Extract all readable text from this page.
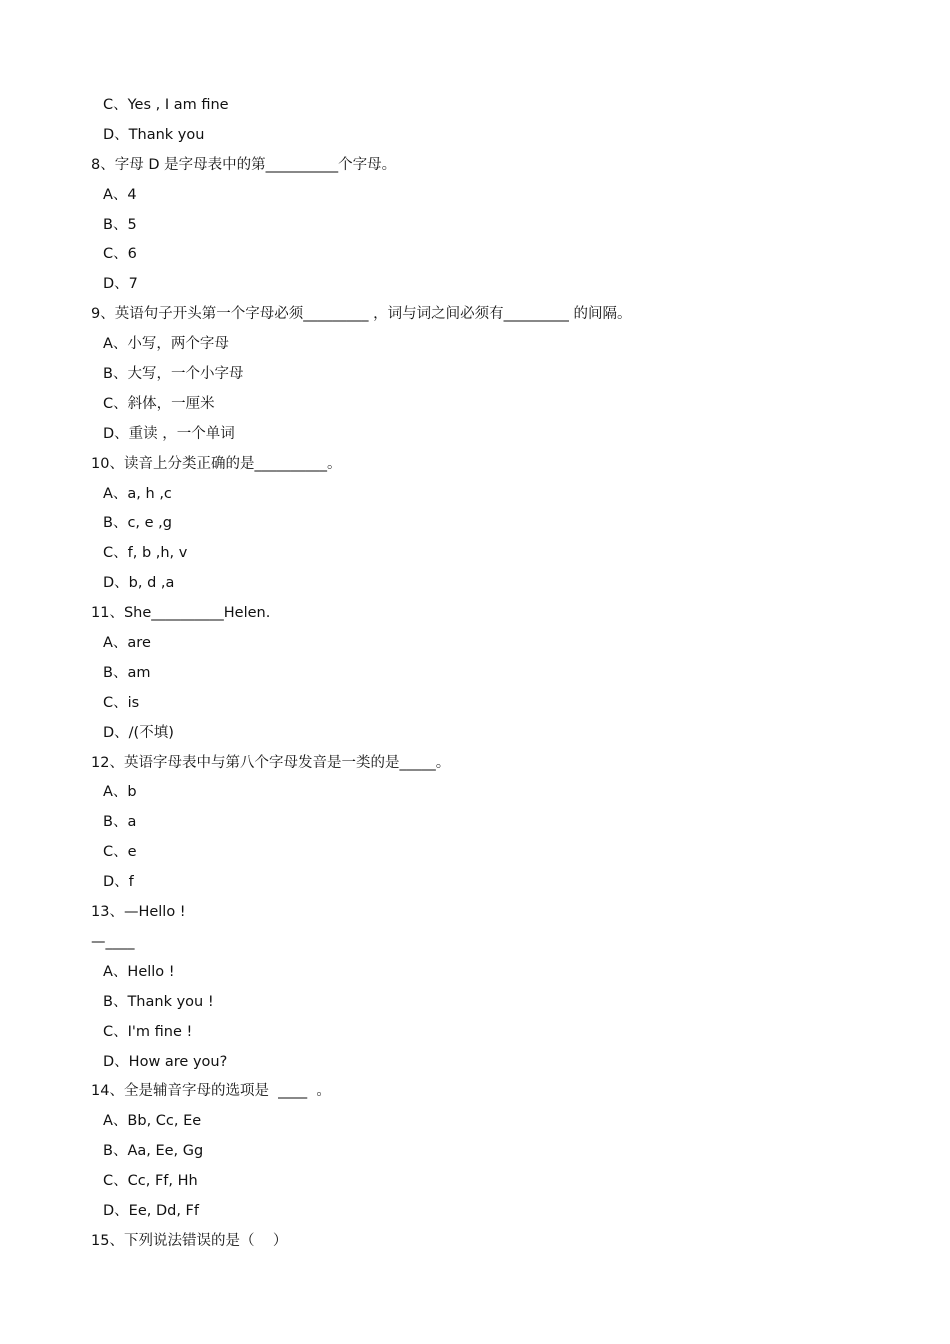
C、Yes , I am fine
D、Thank you
8、字母 D 是字母表中的第__________个字母。
A、4
B、5
C、6
D、7
9、英语句子开头第一个字母必须_________ ，词与词之间必须有_________ 的间隔。
A、小写，两个字母
B、大写，一个小字母
C、斜体，一厘米
D、重读 ，一个单词
10、读音上分类正确的是__________。
A、a, h ,c
B、c, e ,g
C、f, b ,h, v
D、b, d ,a
11、She__________Helen.
A、are
B、am
C、is
D、/(不填)
12、英语字母表中与第八个字母发音是一类的是_____。
A、b
B、a
C、e
D、f
13、—Hello !
—____
A、Hello !
B、Thank you !
C、I'm fine !
D、How are you?
14、全是辅音字母的选项是  ____  。
A、Bb, Cc, Ee
B、Aa, Ee, Gg
C、Cc, Ff, Hh
D、Ee, Dd, Ff
15、下列说法错误的是（    ）
